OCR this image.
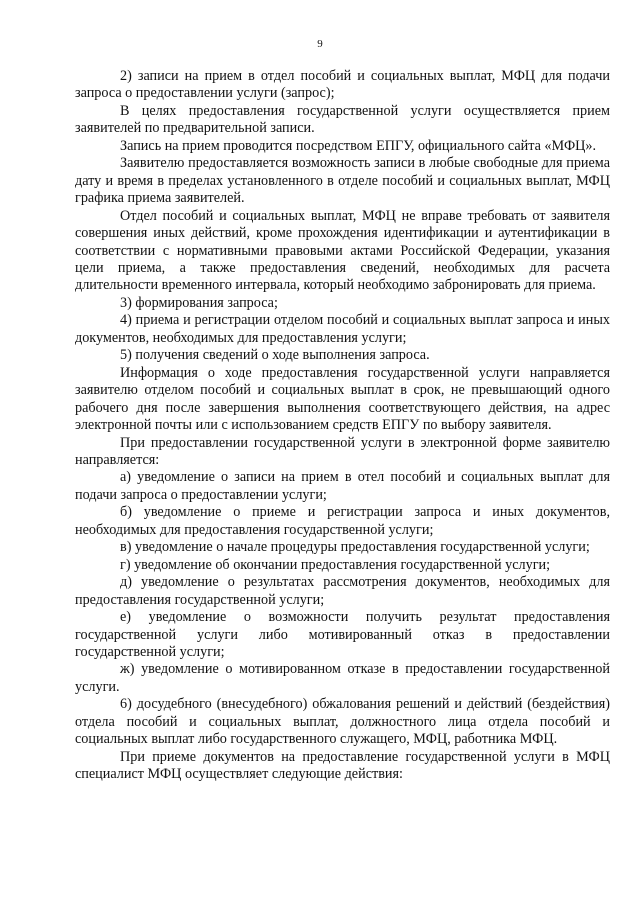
9

2) записи на прием в отдел пособий и социальных выплат, МФЦ для подачи запроса о предоставлении услуги (запрос);

В целях предоставления государственной услуги осуществляется прием заявителей по предварительной записи.

Запись на прием проводится посредством ЕПГУ, официального сайта «МФЦ».

Заявителю предоставляется возможность записи в любые свободные для приема дату и время в пределах установленного в отделе пособий и социальных выплат, МФЦ графика приема заявителей.

Отдел пособий и социальных выплат, МФЦ не вправе требовать от заявителя совершения иных действий, кроме прохождения идентификации и аутентификации в соответствии с нормативными правовыми актами Российской Федерации, указания цели приема, а также предоставления сведений, необходимых для расчета длительности временного интервала, который необходимо забронировать для приема.

3) формирования запроса;

4) приема и регистрации отделом пособий и социальных выплат запроса и иных документов, необходимых для предоставления услуги;

5) получения сведений о ходе выполнения запроса.

Информация о ходе предоставления государственной услуги направляется заявителю отделом пособий и социальных выплат в срок, не превышающий одного рабочего дня после завершения выполнения соответствующего действия, на адрес электронной почты или с использованием средств ЕПГУ по выбору заявителя.

При предоставлении государственной услуги в электронной форме заявителю направляется:

а) уведомление о записи на прием в отел пособий и социальных выплат для подачи запроса о предоставлении услуги;

б) уведомление о приеме и регистрации запроса и иных документов, необходимых для предоставления государственной услуги;

в) уведомление о начале процедуры предоставления государственной услуги;

г) уведомление об окончании предоставления государственной услуги;

д) уведомление о результатах рассмотрения документов, необходимых для предоставления государственной услуги;

е) уведомление о возможности получить результат предоставления государственной услуги либо мотивированный отказ в предоставлении государственной услуги;

ж) уведомление о мотивированном отказе в предоставлении государственной услуги.

6) досудебного (внесудебного) обжалования решений и действий (бездействия) отдела пособий и социальных выплат, должностного лица отдела пособий и социальных выплат либо государственного служащего, МФЦ, работника МФЦ.

При приеме документов на предоставление государственной услуги в МФЦ специалист МФЦ осуществляет следующие действия:
